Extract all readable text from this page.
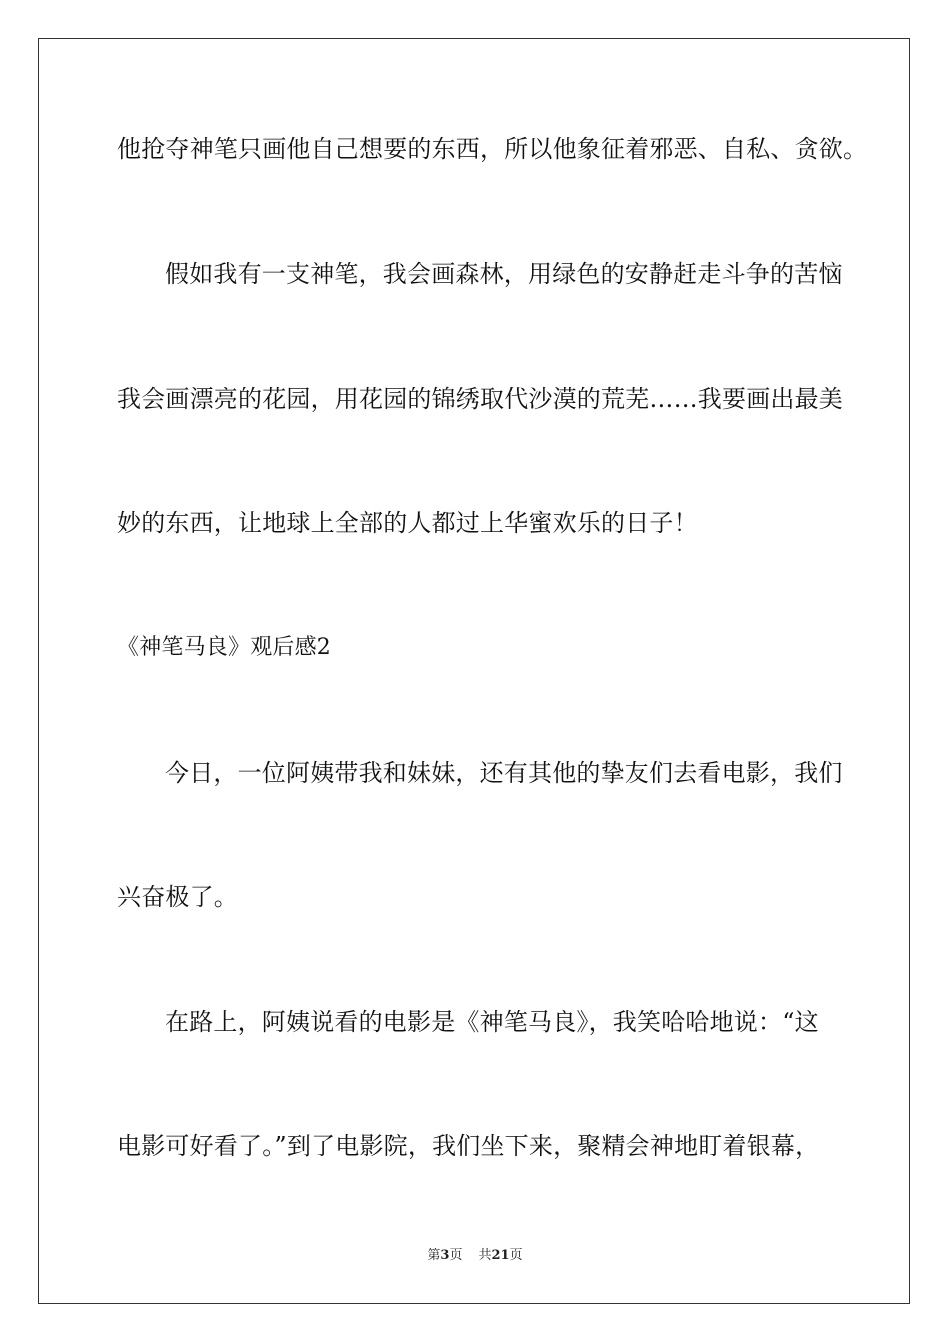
他抢夺神笔只画他自己想要的东西，所以他象征着邪恶、自私、贪欲。
假如我有一支神笔，我会画森林，用绿色的安静赶走斗争的苦恼
我会画漂亮的花园，用花园的锦绣取代沙漠的荒芜……我要画出最美
妙的东西，让地球上全部的人都过上华蜜欢乐的日子！
《神笔马良》观后感2
今日，一位阿姨带我和妹妹，还有其他的挚友们去看电影，我们
兴奋极了。
在路上，阿姨说看的电影是《神笔马良》，我笑哈哈地说：“这
电影可好看了。”到了电影院，我们坐下来，聚精会神地盯着银幕，
第3页 共21页
